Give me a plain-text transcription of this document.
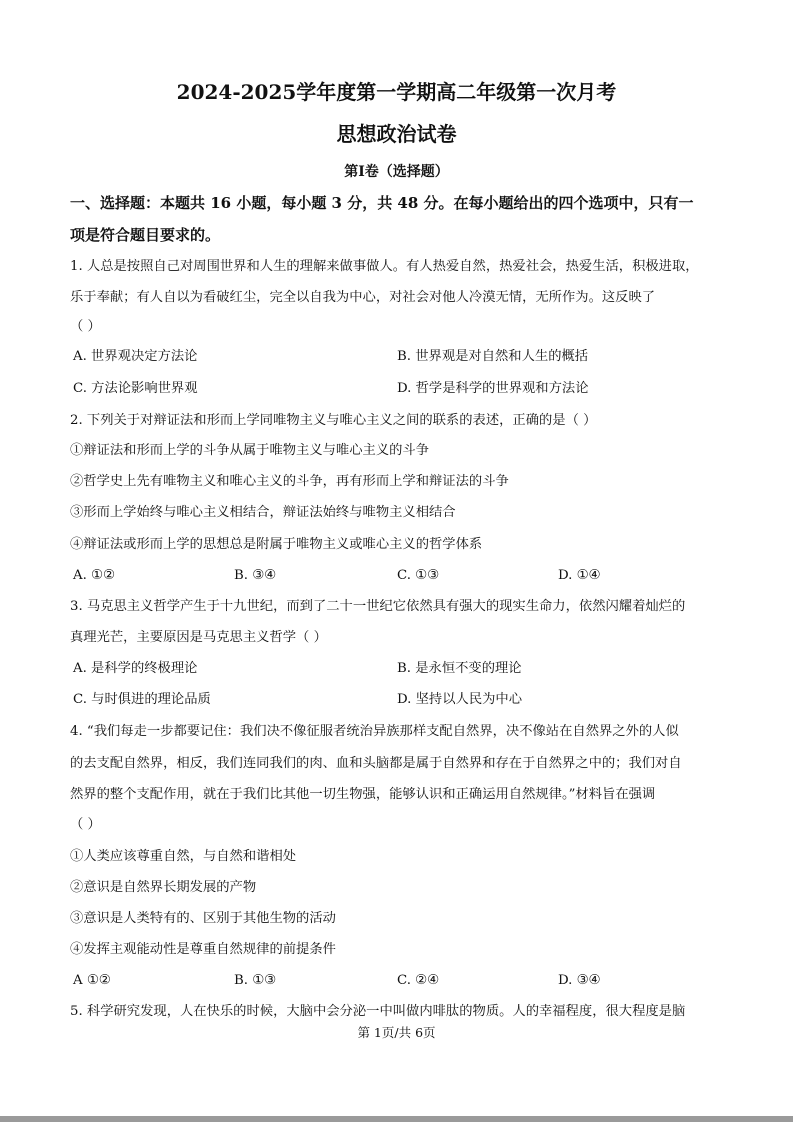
2024-2025学年度第一学期高二年级第一次月考
思想政治试卷
第Ⅰ卷（选择题）
一、选择题：本题共 16 小题，每小题 3 分，共 48 分。在每小题给出的四个选项中，只有一
项是符合题目要求的。
1. 人总是按照自己对周围世界和人生的理解来做事做人。有人热爱自然，热爱社会，热爱生活，积极进取，
乐于奉献；有人自以为看破红尘，完全以自我为中心，对社会对他人冷漠无情，无所作为。这反映了
（ ）
A. 世界观决定方法论	B. 世界观是对自然和人生的概括
C. 方法论影响世界观	D. 哲学是科学的世界观和方法论
2. 下列关于对辩证法和形而上学同唯物主义与唯心主义之间的联系的表述，正确的是（ ）
①辩证法和形而上学的斗争从属于唯物主义与唯心主义的斗争
②哲学史上先有唯物主义和唯心主义的斗争，再有形而上学和辩证法的斗争
③形而上学始终与唯心主义相结合，辩证法始终与唯物主义相结合
④辩证法或形而上学的思想总是附属于唯物主义或唯心主义的哲学体系
A. ①②	B. ③④	C. ①③	D. ①④
3. 马克思主义哲学产生于十九世纪，而到了二十一世纪它依然具有强大的现实生命力，依然闪耀着灿烂的
真理光芒，主要原因是马克思主义哲学（ ）
A. 是科学的终极理论	B. 是永恒不变的理论
C. 与时俱进的理论品质	D. 坚持以人民为中心
4. “我们每走一步都要记住：我们决不像征服者统治异族那样支配自然界，决不像站在自然界之外的人似
的去支配自然界，相反，我们连同我们的肉、血和头脑都是属于自然界和存在于自然界之中的；我们对自
然界的整个支配作用，就在于我们比其他一切生物强，能够认识和正确运用自然规律。”材料旨在强调
（ ）
①人类应该尊重自然，与自然和谐相处
②意识是自然界长期发展的产物
③意识是人类特有的、区别于其他生物的活动
④发挥主观能动性是尊重自然规律的前提条件
A ①②	B. ①③	C. ②④	D. ③④
5. 科学研究发现，人在快乐的时候，大脑中会分泌一中叫做内啡肽的物质。人的幸福程度，很大程度是脑
第 1页/共 6页
